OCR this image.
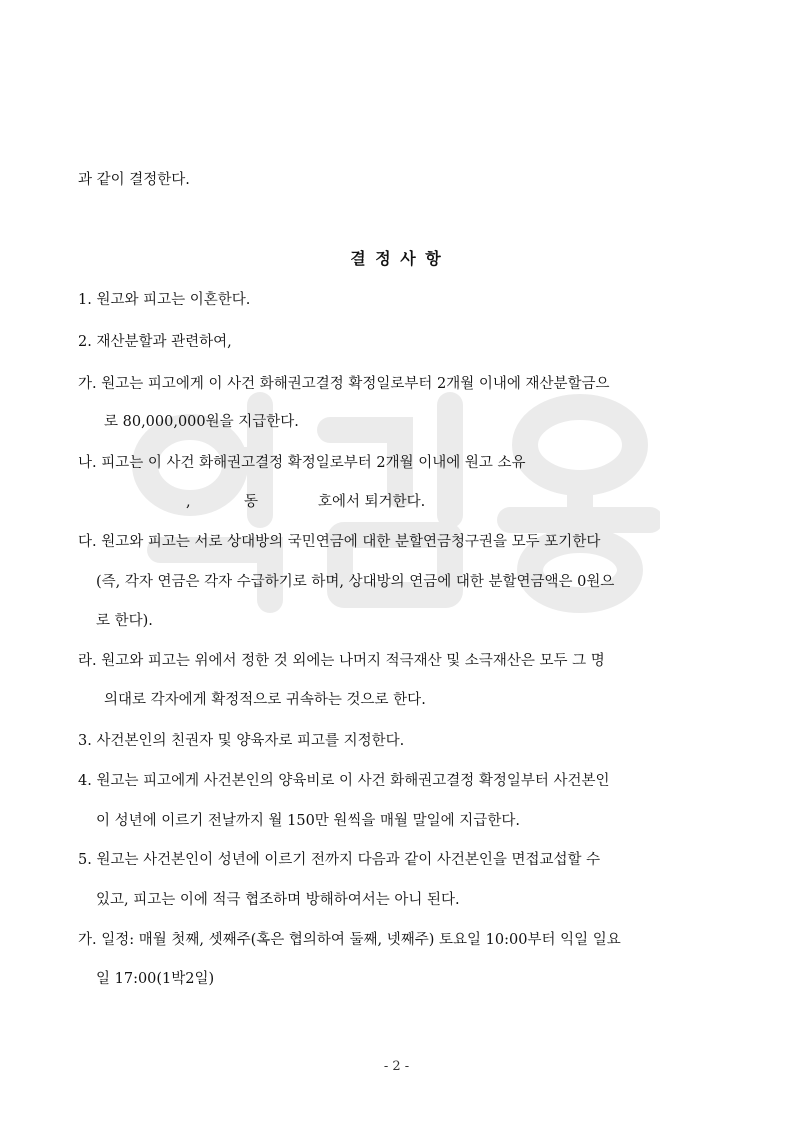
과 같이 결정한다.
결 정 사 항
1. 원고와 피고는 이혼한다.
2. 재산분할과 관련하여,
가. 원고는 피고에게 이 사건 화해권고결정 확정일로부터 2개월 이내에 재산분할금으
로 80,000,000원을 지급한다.
나. 피고는 이 사건 화해권고결정 확정일로부터 2개월 이내에 원고 소유
,	동	호에서 퇴거한다.
다. 원고와 피고는 서로 상대방의 국민연금에 대한 분할연금청구권을 모두 포기한다
(즉, 각자 연금은 각자 수급하기로 하며, 상대방의 연금에 대한 분할연금액은 0원으
로 한다).
라. 원고와 피고는 위에서 정한 것 외에는 나머지 적극재산 및 소극재산은 모두 그 명
의대로 각자에게 확정적으로 귀속하는 것으로 한다.
3. 사건본인의 친권자 및 양육자로 피고를 지정한다.
4. 원고는 피고에게 사건본인의 양육비로 이 사건 화해권고결정 확정일부터 사건본인
이 성년에 이르기 전날까지 월 150만 원씩을 매월 말일에 지급한다.
5. 원고는 사건본인이 성년에 이르기 전까지 다음과 같이 사건본인을 면접교섭할 수
있고, 피고는 이에 적극 협조하며 방해하여서는 아니 된다.
가. 일정: 매월 첫째, 셋째주(혹은 협의하여 둘째, 넷째주) 토요일 10:00부터 익일 일요
일 17:00(1박2일)
- 2 -
